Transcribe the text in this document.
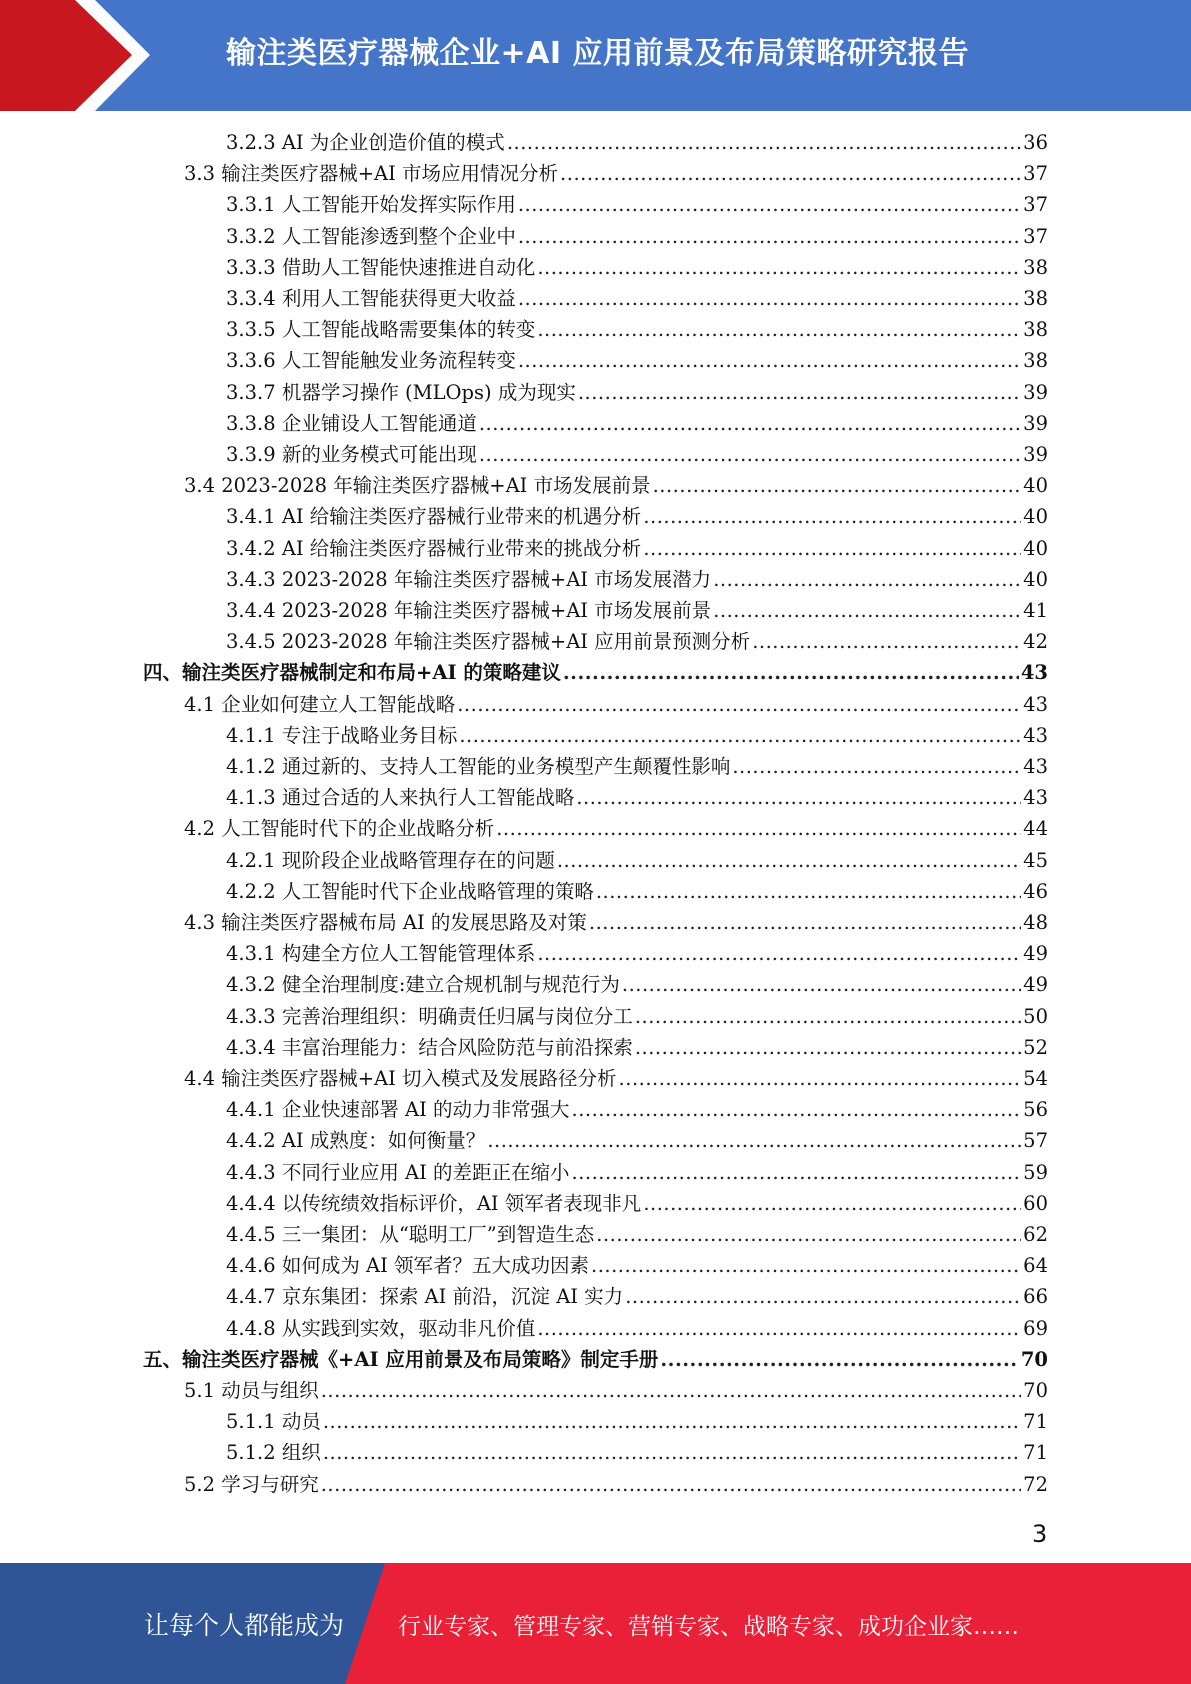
输注类医疗器械企业+AI 应用前景及布局策略研究报告
3.2.3 AI 为企业创造价值的模式 .....	36
3.3 输注类医疗器械+AI 市场应用情况分析 .....	37
3.3.1 人工智能开始发挥实际作用 .....	37
3.3.2 人工智能渗透到整个企业中 .....	37
3.3.3 借助人工智能快速推进自动化 .....	38
3.3.4 利用人工智能获得更大收益 .....	38
3.3.5 人工智能战略需要集体的转变 .....	38
3.3.6 人工智能触发业务流程转变 .....	38
3.3.7 机器学习操作 (MLOps) 成为现实 .....	39
3.3.8 企业铺设人工智能通道 .....	39
3.3.9 新的业务模式可能出现 .....	39
3.4 2023-2028 年输注类医疗器械+AI 市场发展前景 .....	40
3.4.1 AI 给输注类医疗器械行业带来的机遇分析 .....	40
3.4.2 AI 给输注类医疗器械行业带来的挑战分析 .....	40
3.4.3 2023-2028 年输注类医疗器械+AI 市场发展潜力 .....	40
3.4.4 2023-2028 年输注类医疗器械+AI 市场发展前景 .....	41
3.4.5 2023-2028 年输注类医疗器械+AI 应用前景预测分析 .....	42
四、输注类医疗器械制定和布局+AI 的策略建议 .....	43
4.1 企业如何建立人工智能战略 .....	43
4.1.1 专注于战略业务目标 .....	43
4.1.2 通过新的、支持人工智能的业务模型产生颠覆性影响 .....	43
4.1.3 通过合适的人来执行人工智能战略 .....	43
4.2 人工智能时代下的企业战略分析 .....	44
4.2.1 现阶段企业战略管理存在的问题 .....	45
4.2.2 人工智能时代下企业战略管理的策略 .....	46
4.3 输注类医疗器械布局 AI 的发展思路及对策 .....	48
4.3.1 构建全方位人工智能管理体系 .....	49
4.3.2 健全治理制度:建立合规机制与规范行为 .....	49
4.3.3 完善治理组织：明确责任归属与岗位分工 .....	50
4.3.4 丰富治理能力：结合风险防范与前沿探索 .....	52
4.4 输注类医疗器械+AI 切入模式及发展路径分析 .....	54
4.4.1 企业快速部署 AI 的动力非常强大 .....	56
4.4.2 AI 成熟度：如何衡量？ .....	57
4.4.3 不同行业应用 AI 的差距正在缩小 .....	59
4.4.4 以传统绩效指标评价，AI 领军者表现非凡 .....	60
4.4.5 三一集团：从“聪明工厂”到智造生态 .....	62
4.4.6 如何成为 AI 领军者？五大成功因素 .....	64
4.4.7 京东集团：探索 AI 前沿，沉淀 AI 实力 .....	66
4.4.8 从实践到实效，驱动非凡价值 .....	69
五、输注类医疗器械《+AI 应用前景及布局策略》制定手册 .....	70
5.1 动员与组织 .....	70
5.1.1 动员 .....	71
5.1.2 组织 .....	71
5.2 学习与研究 .....	72
3
让每个人都能成为 行业专家、管理专家、营销专家、战略专家、成功企业家……
